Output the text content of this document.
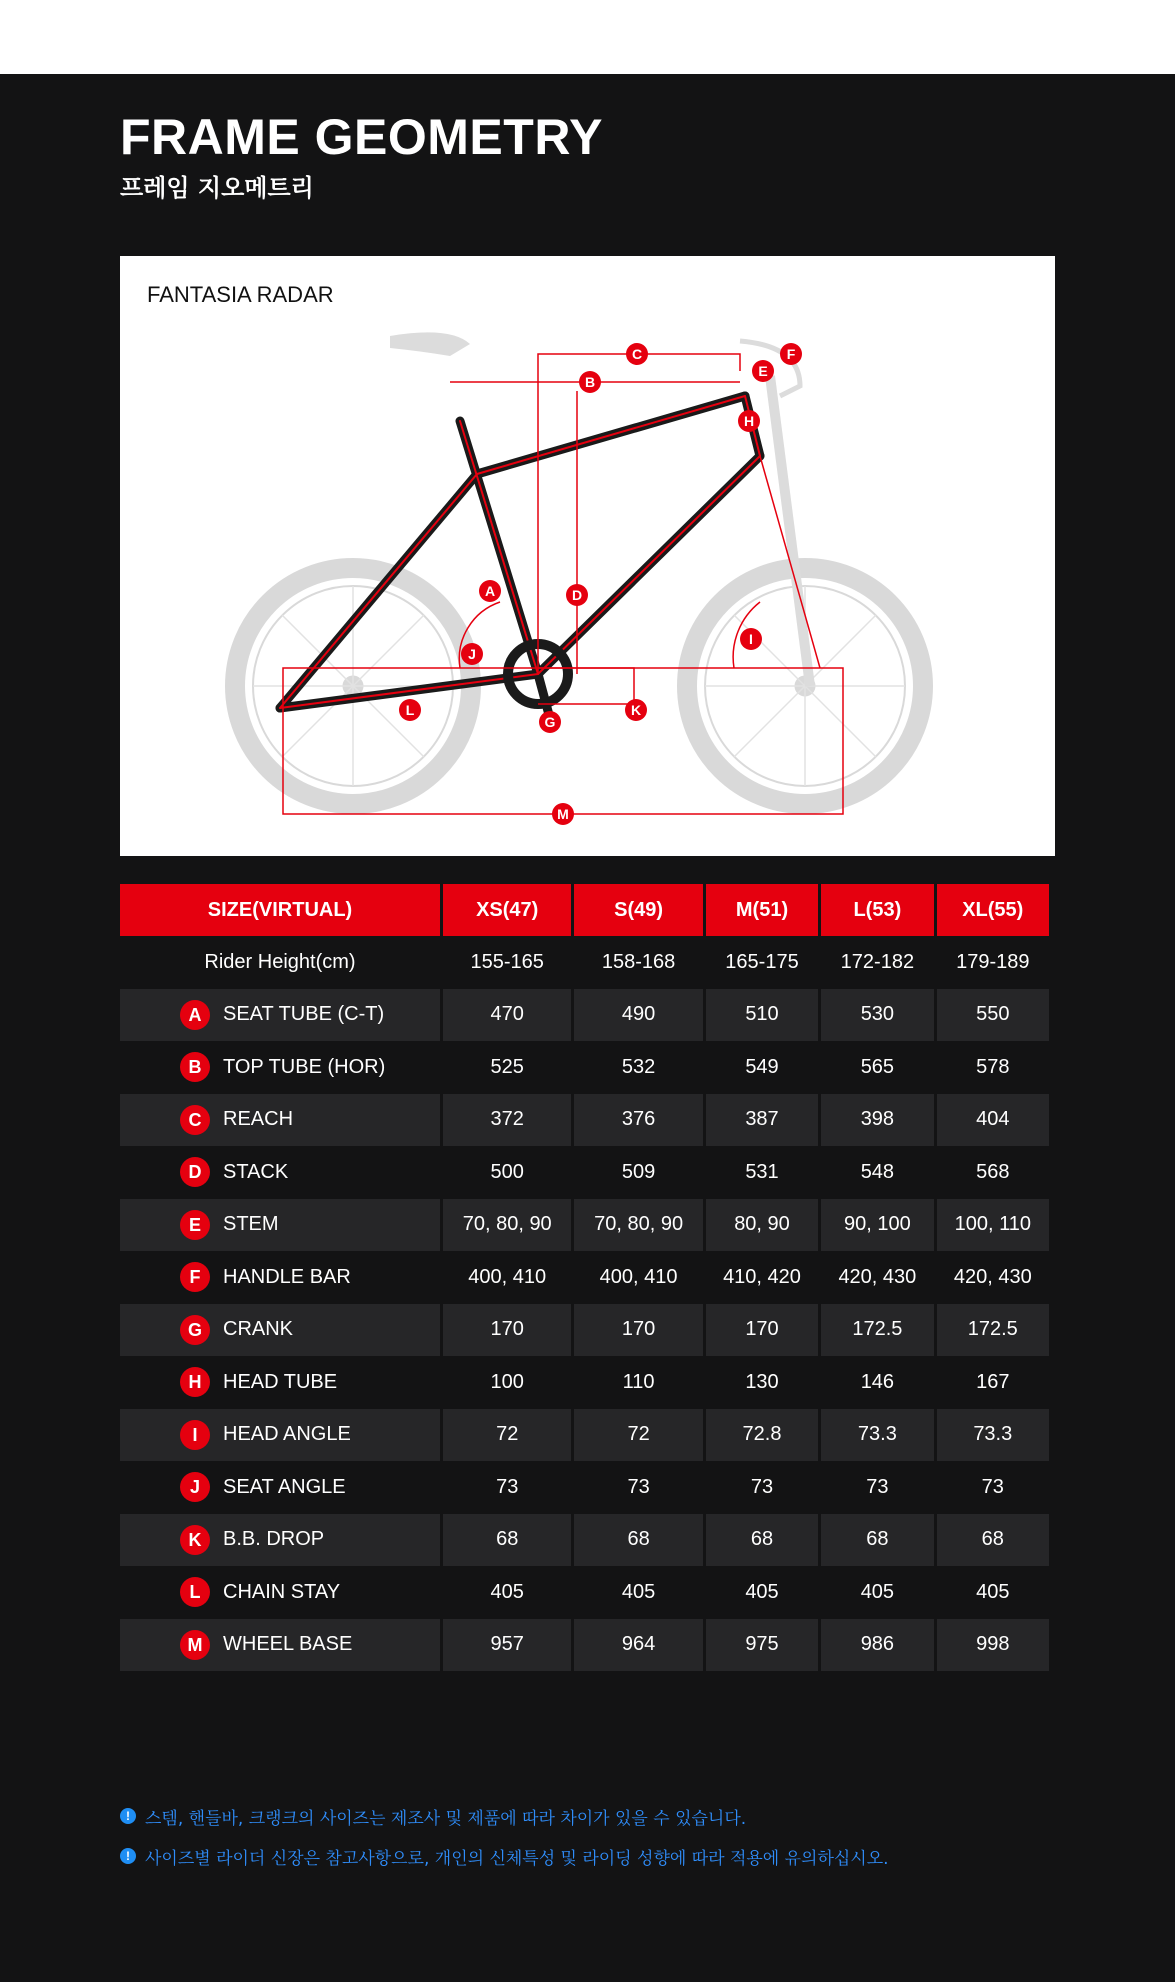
FRAME GEOMETRY
프레임 지오메트리
FANTASIA RADAR
A
B
C
D
E
F
G
H
I
J
K
L
M
SIZE(VIRTUAL)	XS(47)	S(49)	M(51)	L(53)	XL(55)
Rider Height(cm)	155-165	158-168	165-175	172-182	179-189

A SEAT TUBE (C-T)	470	490	510	530	550

B TOP TUBE (HOR)	525	532	549	565	578

C REACH	372	376	387	398	404

D STACK	500	509	531	548	568

E STEM	70, 80, 90	70, 80, 90	80, 90	90, 100	100, 110

F HANDLE BAR	400, 410	400, 410	410, 420	420, 430	420, 430

G CRANK	170	170	170	172.5	172.5

H HEAD TUBE	100	110	130	146	167

I HEAD ANGLE	72	72	72.8	73.3	73.3

J SEAT ANGLE	73	73	73	73	73

K B.B. DROP	68	68	68	68	68

L CHAIN STAY	405	405	405	405	405

M WHEEL BASE	957	964	975	986	998
! 스템, 핸들바, 크랭크의 사이즈는 제조사 및 제품에 따라 차이가 있을 수 있습니다.
! 사이즈별 라이더 신장은 참고사항으로, 개인의 신체특성 및 라이딩 성향에 따라 적용에 유의하십시오.
